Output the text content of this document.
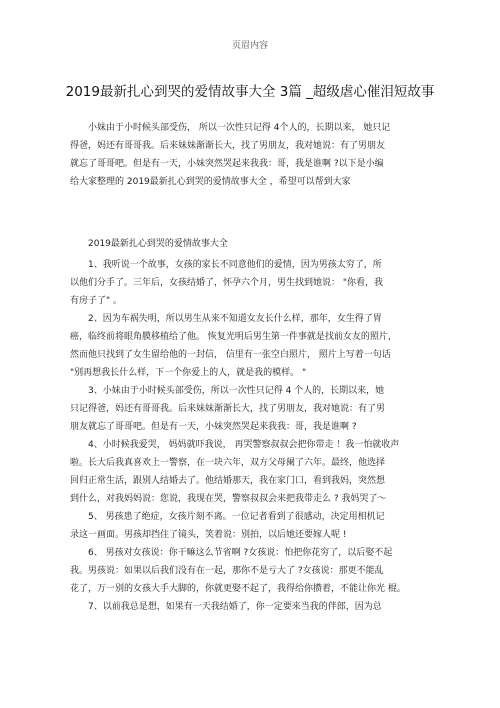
页眉内容
2019最新扎心到哭的爱情故事大全 3篇 _超级虐心催泪短故事
小妹由于小时候头部受伤， 所以一次性只记得 4个人的，长期以来， 她只记
得爸，妈还有哥哥我。后来妹妹渐渐长大，找了男朋友，我对她说：有了男朋友
就忘了哥哥吧。但是有一天，小妹突然哭起来我我：哥，我是谁啊 ?以下是小编
给大家整理的 2019最新扎心到哭的爱情故事大全 ，希望可以帮到大家
2019最新扎心到哭的爱情故事大全
1、我听说一个故事，女孩的家长不同意他们的爱情，因为男孩太穷了，所
以他们分手了。三年后，女孩结婚了，怀孕六个月，男生找到她说： "你看，我
有房子了" 。
2、因为车祸失明，所以男生从来不知道女友长什么样，那年，女生得了胃
癌，临终前将眼角膜移植给了他。 恢复光明后男生第一件事就是找前女友的照片，
然而他只找到了女生留给他的一封信， 信里有一张空白照片， 照片上写着一句话
"别再想我长什么样，下一个你爱上的人，就是我的模样。 "
3、小妹由于小时候头部受伤，所以一次性只记得 4 个人的，长期以来，她
只记得爸，妈还有哥哥我。后来妹妹渐渐长大，找了男朋友，我对她说：有了男
朋友就忘了哥哥吧。但是有一天，小妹突然哭起来我我：哥，我是谁啊 ?
4、小时候我爱哭， 妈妈就吓我说， 再哭警察叔叔会把你带走 ！我一怕就收声
啦。长大后我真喜欢上一警察，在一块六年，双方父母阑了六年。最终，他选择
回归正常生活，跟别人结婚去了。他结婚那天，我在家门口，看到我妈，突然想
到什么，对我妈妈说：您说，我现在哭，警察叔叔会来把我带走么 ? 我妈哭了～
5、 男孩患了绝症，女孩片刻不离。一位记者看到了很感动，决定用相机记
录这一画面。男孩却挡住了镜头，笑着说：别拍，以后她还要嫁人呢 !
6、 男孩对女孩说：你干嘛这么节省啊 ?女孩说：怕把你花穷了，以后娶不起
我。男孩说：如果以后我们没有在一起，那你不是亏大了 ?女孩说：那更不能乱
花了，万一别的女孩大手大脚的，你就更娶不起了，我得给你攒着，不能让你光 棍。
7、以前我总是想，如果有一天我结婚了，你一定要来当我的伴郎，因为总
